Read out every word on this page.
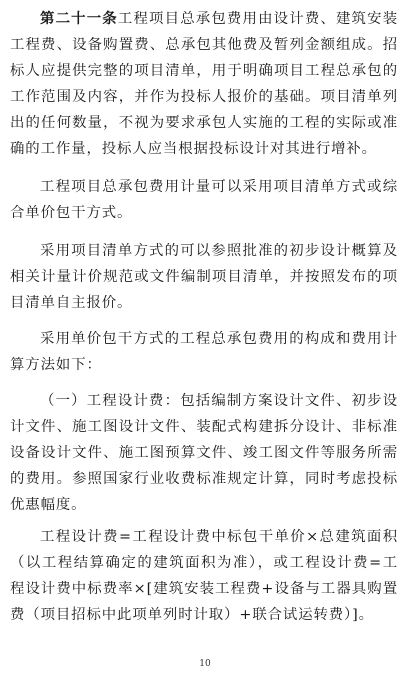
第二十一条工程项目总承包费用由设计费、建筑安装工程费、设备购置费、总承包其他费及暂列金额组成。招标人应提供完整的项目清单，用于明确项目工程总承包的工作范围及内容，并作为投标人报价的基础。项目清单列出的任何数量，不视为要求承包人实施的工程的实际或准确的工作量，投标人应当根据投标设计对其进行增补。

工程项目总承包费用计量可以采用项目清单方式或综合单价包干方式。

采用项目清单方式的可以参照批准的初步设计概算及相关计量计价规范或文件编制项目清单，并按照发布的项目清单自主报价。

采用单价包干方式的工程总承包费用的构成和费用计算方法如下：

（一）工程设计费：包括编制方案设计文件、初步设计文件、施工图设计文件、装配式构建拆分设计、非标准设备设计文件、施工图预算文件、竣工图文件等服务所需的费用。参照国家行业收费标准规定计算，同时考虑投标优惠幅度。

工程设计费=工程设计费中标包干单价×总建筑面积（以工程结算确定的建筑面积为准），或工程设计费=工程设计费中标费率×[建筑安装工程费+设备与工器具购置费（项目招标中此项单列时计取）+联合试运转费）]。

10
